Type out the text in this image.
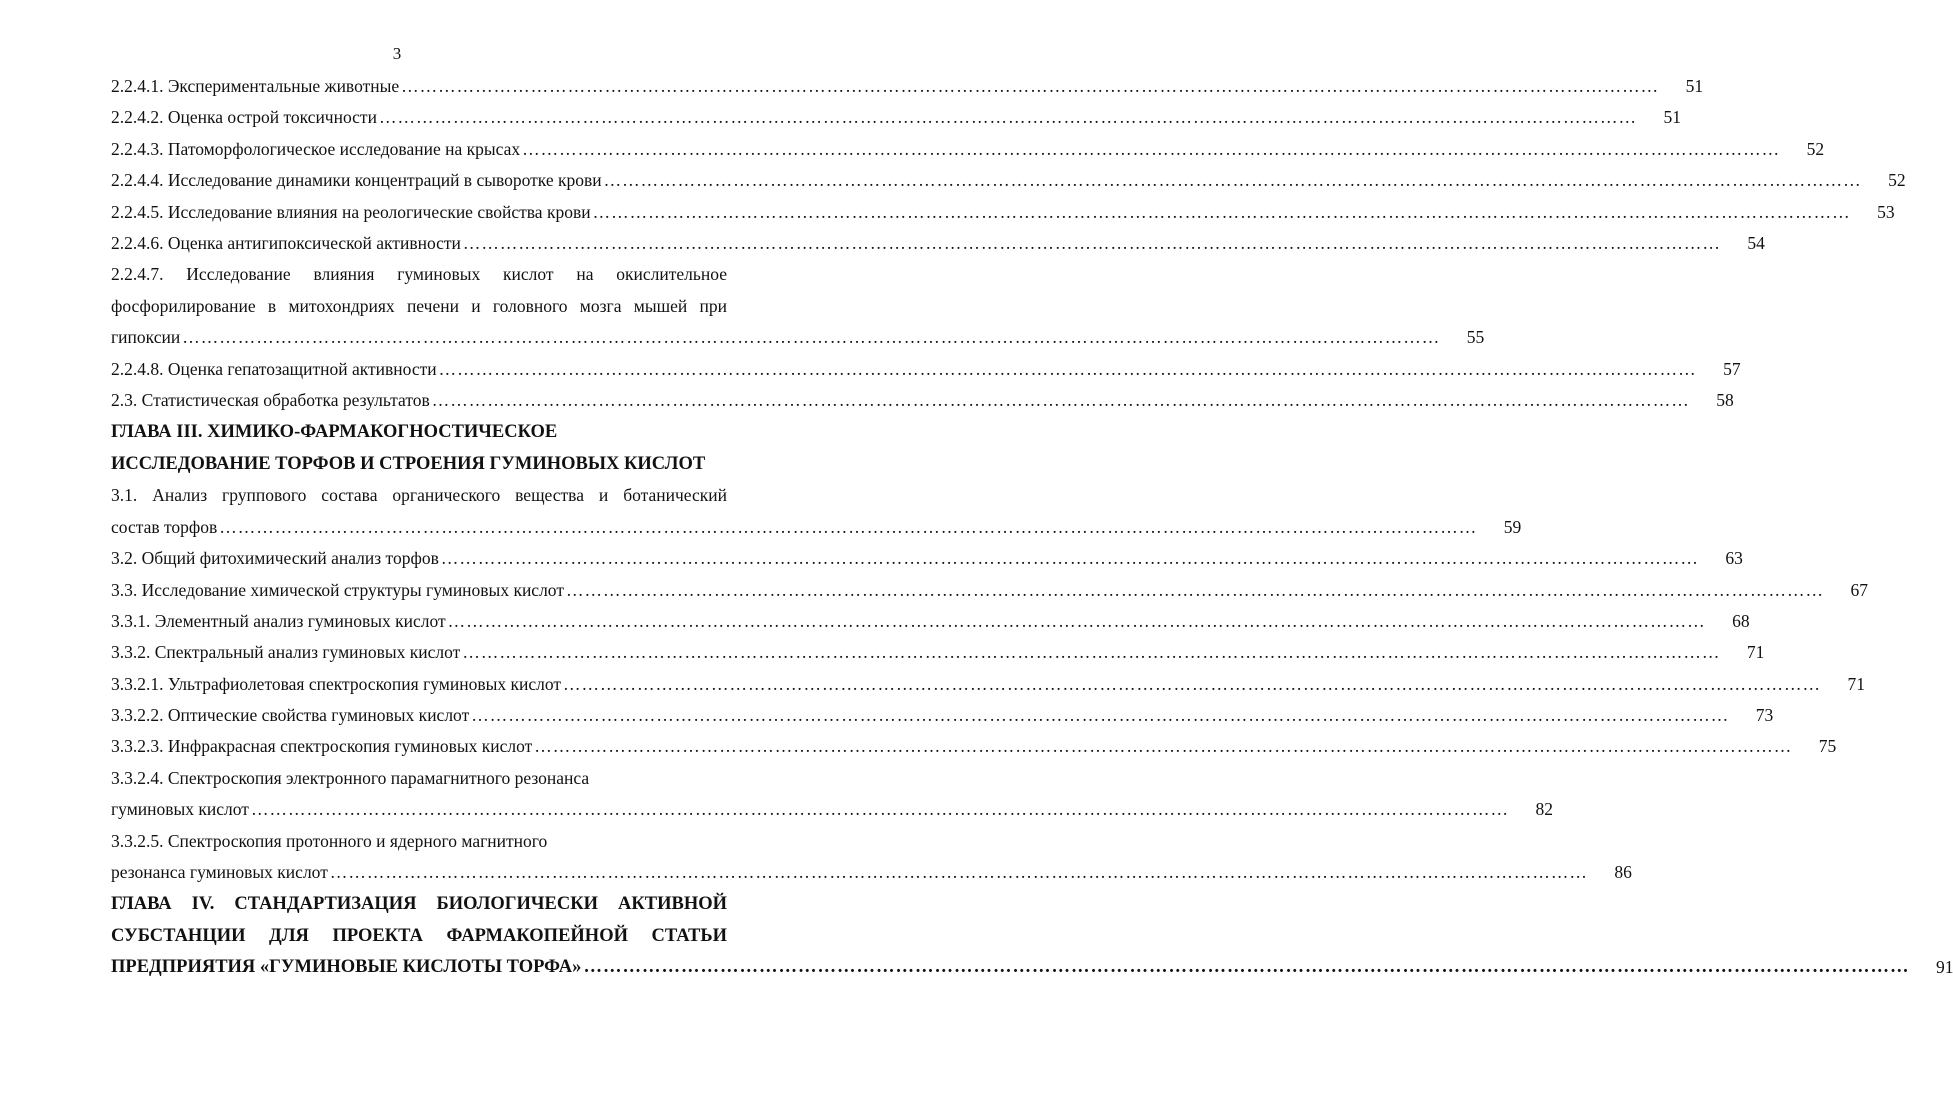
3
2.2.4.1. Экспериментальные животные ……………………………………………………………………………………………………………………………………………………………………………………	51
2.2.4.2. Оценка острой токсичности ……………………………………………………………………………………………………………………………………………………………………………………	51
2.2.4.3. Патоморфологическое исследование на крысах ……………………………………………………………………………………………………………………………………………………………………………………	52
2.2.4.4. Исследование динамики концентраций в сыворотке крови ……………………………………………………………………………………………………………………………………………………………………………………	52
2.2.4.5. Исследование влияния на реологические свойства крови ……………………………………………………………………………………………………………………………………………………………………………………	53
2.2.4.6. Оценка антигипоксической активности ……………………………………………………………………………………………………………………………………………………………………………………	54
2.2.4.7. Исследование влияния гуминовых кислот на окислительное
фосфорилирование в митохондриях печени и головного мозга мышей при
гипоксии ……………………………………………………………………………………………………………………………………………………………………………………	55
2.2.4.8. Оценка гепатозащитной активности ……………………………………………………………………………………………………………………………………………………………………………………	57
2.3. Статистическая обработка результатов ……………………………………………………………………………………………………………………………………………………………………………………	58
ГЛАВА III. ХИМИКО-ФАРМАКОГНОСТИЧЕСКОЕ
ИССЛЕДОВАНИЕ ТОРФОВ И СТРОЕНИЯ ГУМИНОВЫХ КИСЛОТ
3.1. Анализ группового состава органического вещества и ботанический
состав торфов ……………………………………………………………………………………………………………………………………………………………………………………	59
3.2. Общий фитохимический анализ торфов ……………………………………………………………………………………………………………………………………………………………………………………	63
3.3. Исследование химической структуры гуминовых кислот ……………………………………………………………………………………………………………………………………………………………………………………	67
3.3.1. Элементный анализ гуминовых кислот ……………………………………………………………………………………………………………………………………………………………………………………	68
3.3.2. Спектральный анализ гуминовых кислот ……………………………………………………………………………………………………………………………………………………………………………………	71
3.3.2.1. Ультрафиолетовая спектроскопия гуминовых кислот ……………………………………………………………………………………………………………………………………………………………………………………	71
3.3.2.2. Оптические свойства гуминовых кислот ……………………………………………………………………………………………………………………………………………………………………………………	73
3.3.2.3. Инфракрасная спектроскопия гуминовых кислот ……………………………………………………………………………………………………………………………………………………………………………………	75
3.3.2.4. Спектроскопия электронного парамагнитного резонанса
гуминовых кислот ……………………………………………………………………………………………………………………………………………………………………………………	82
3.3.2.5. Спектроскопия протонного и ядерного магнитного
резонанса гуминовых кислот ……………………………………………………………………………………………………………………………………………………………………………………	86
ГЛАВА IV. СТАНДАРТИЗАЦИЯ БИОЛОГИЧЕСКИ АКТИВНОЙ
СУБСТАНЦИИ ДЛЯ ПРОЕКТА ФАРМАКОПЕЙНОЙ СТАТЬИ
ПРЕДПРИЯТИЯ «ГУМИНОВЫЕ КИСЛОТЫ ТОРФА» ……………………………………………………………………………………………………………………………………………………………………………………	91
